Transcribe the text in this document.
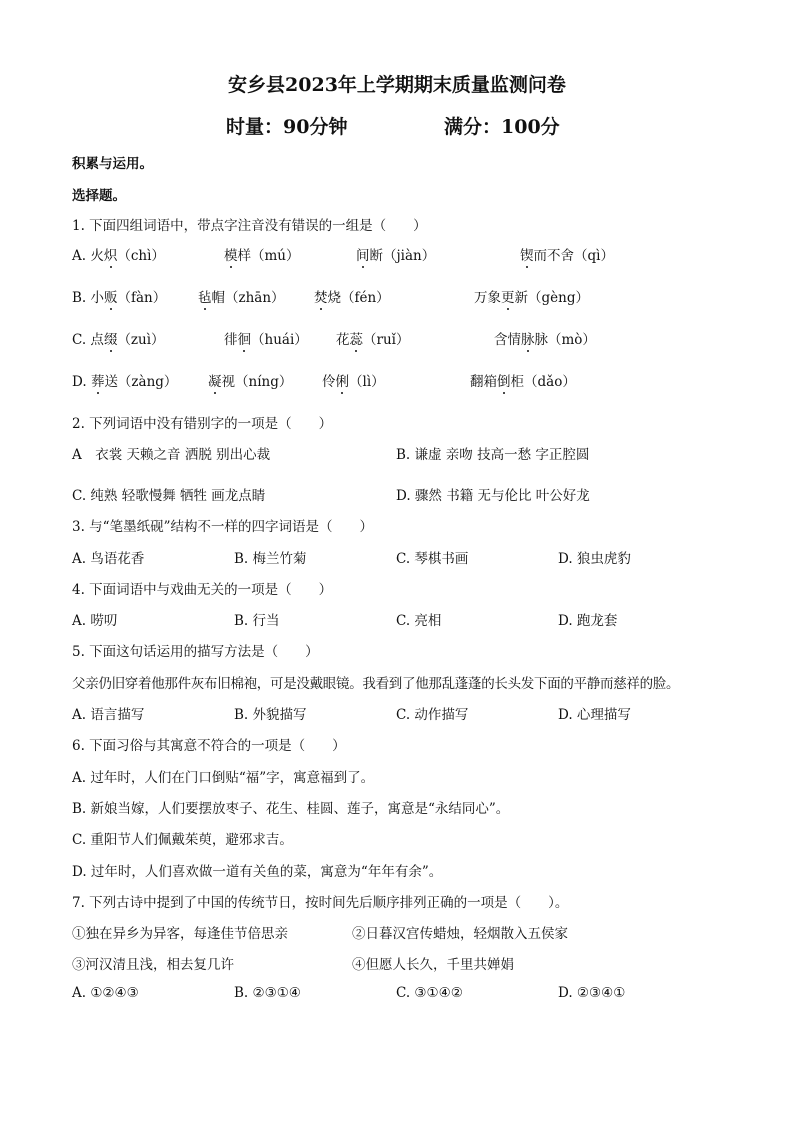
安乡县2023年上学期期末质量监测问卷
时量：90分钟	满分：100分
积累与运用。
选择题。
1. 下面四组词语中，带点字注音没有错误的一组是（　　）
A. 火炽（chì）	模样（mú）	间断（jiàn）	锲而不舍（qì）
B. 小贩（fàn） 毡帽（zhān） 焚烧（fén）	万象更新（gèng）
C. 点缀（zuì）	徘徊（huái） 花蕊（ruǐ）	含情脉脉（mò）
D. 葬送（zàng） 凝视（níng） 伶俐（lì）	翻箱倒柜（dǎo）
2. 下列词语中没有错别字的一项是（　　）
A　衣裳 天赖之音 洒脱 别出心裁	B. 谦虚 亲吻 技高一愁 字正腔圆
C. 纯熟 轻歌慢舞 牺牲 画龙点睛	D. 骤然 书籍 无与伦比 叶公好龙
3. 与“笔墨纸砚”结构不一样的四字词语是（　　）
A. 鸟语花香	B. 梅兰竹菊	C. 琴棋书画	D. 狼虫虎豹
4. 下面词语中与戏曲无关的一项是（　　）
A. 唠叨	B. 行当	C. 亮相	D. 跑龙套
5. 下面这句话运用的描写方法是（　　）
父亲仍旧穿着他那件灰布旧棉袍，可是没戴眼镜。我看到了他那乱蓬蓬的长头发下面的平静而慈祥的脸。
A. 语言描写	B. 外貌描写	C. 动作描写	D. 心理描写
6. 下面习俗与其寓意不符合的一项是（　　）
A. 过年时，人们在门口倒贴“福”字，寓意福到了。
B. 新娘当嫁，人们要摆放枣子、花生、桂圆、莲子，寓意是“永结同心”。
C. 重阳节人们佩戴茱萸，避邪求吉。
D. 过年时，人们喜欢做一道有关鱼的菜，寓意为“年年有余”。
7. 下列古诗中提到了中国的传统节日，按时间先后顺序排列正确的一项是（　　）。
①独在异乡为异客，每逢佳节倍思亲	②日暮汉宫传蜡烛，轻烟散入五侯家
③河汉清且浅，相去复几许	④但愿人长久，千里共婵娟
A. ①②④③	B. ②③①④	C. ③①④②	D. ②③④①
